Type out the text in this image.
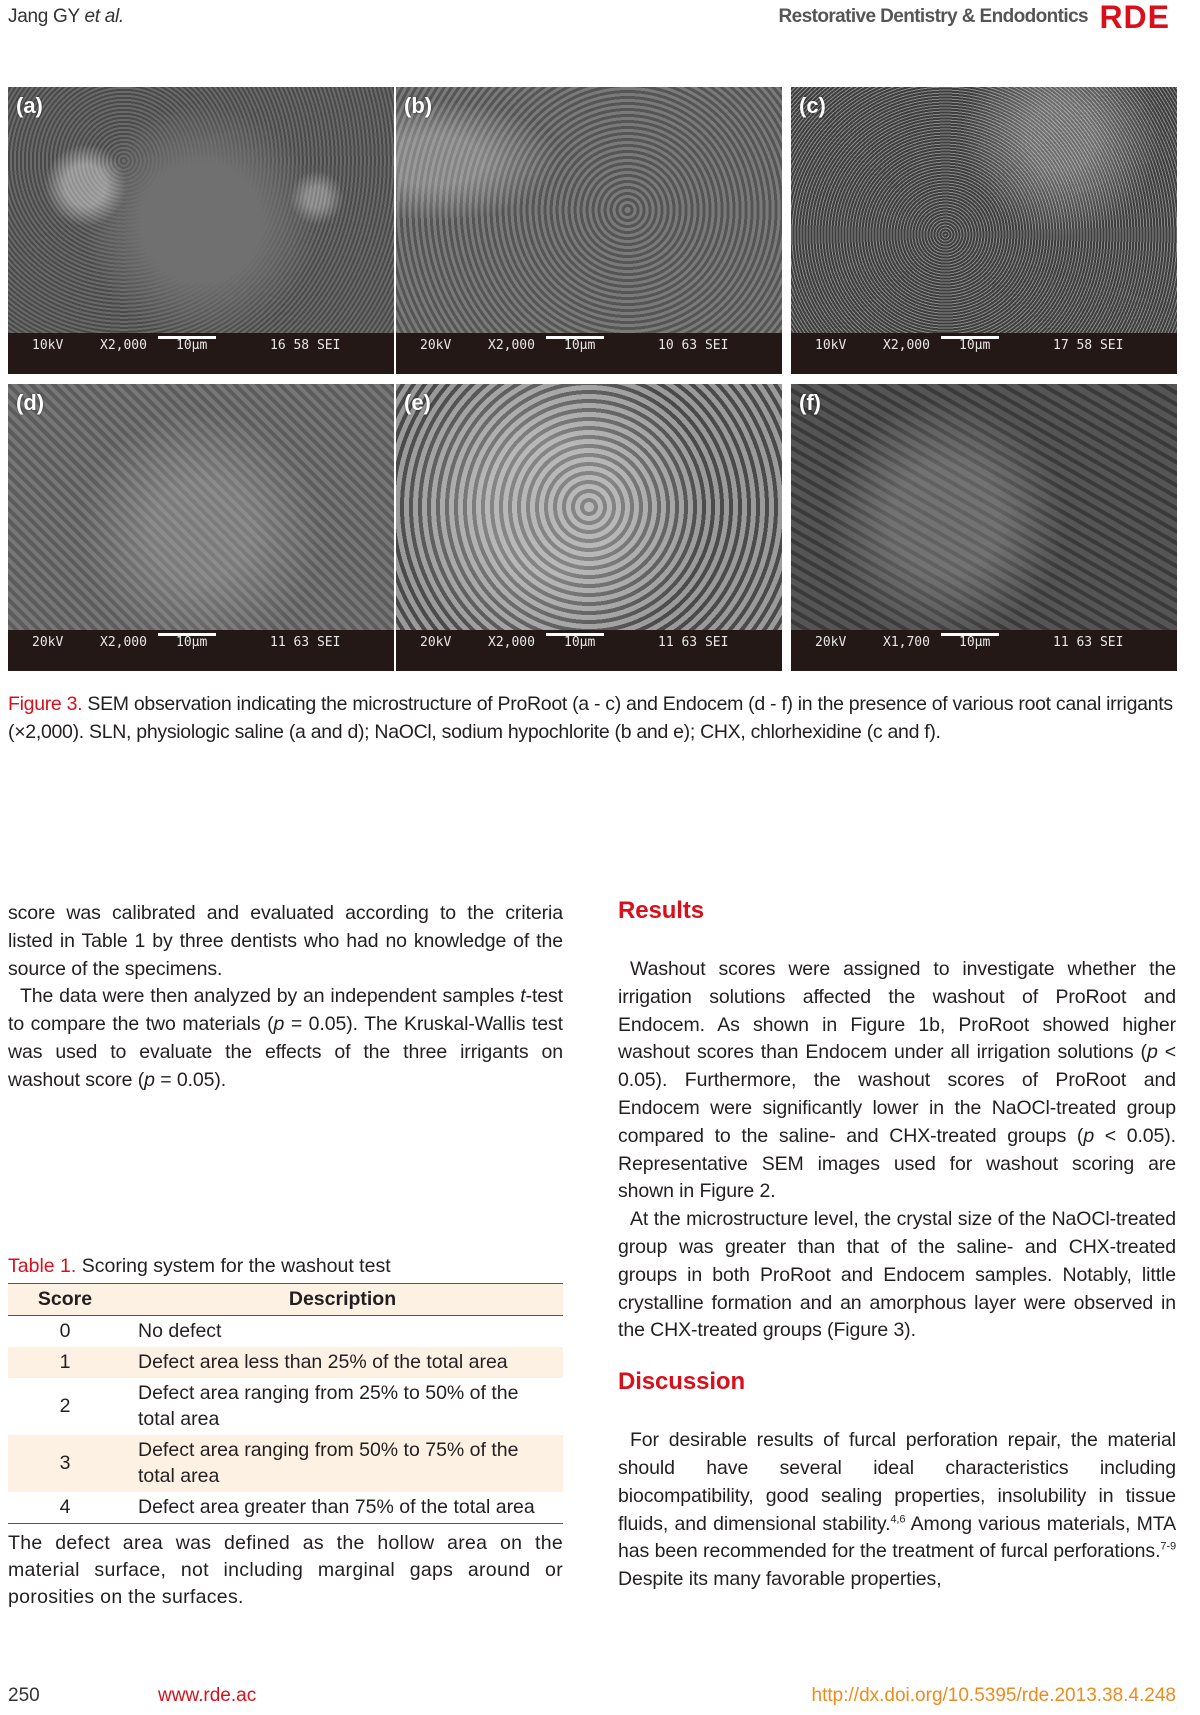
Jang GY et al.	Restorative Dentistry & Endodontics RDE
(a)
10kV	X2,000 10µm	16 58 SEI
(b)
20kV	X2,000 10µm	10 63 SEI
(c)
10kV	X2,000 10µm	17 58 SEI
(d)
20kV	X2,000 10µm	11 63 SEI
(e)
20kV	X2,000 10µm	11 63 SEI
(f)
20kV	X1,700 10µm	11 63 SEI
Figure 3. SEM observation indicating the microstructure of ProRoot (a - c) and Endocem (d - f) in the presence of various root canal irrigants (×2,000). SLN, physiologic saline (a and d); NaOCl, sodium hypochlorite (b and e); CHX, chlorhexidine (c and f).

score was calibrated and evaluated according to the criteria listed in Table 1 by three dentists who had no knowledge of the source of the specimens.

The data were then analyzed by an independent samples t-test to compare the two materials (p = 0.05). The Kruskal-Wallis test was used to evaluate the effects of the three irrigants on washout score (p = 0.05).

Table 1. Scoring system for the washout test
Score	Description
0	No defect
1	Defect area less than 25% of the total area
2	Defect area ranging from 25% to 50% of the total area
3	Defect area ranging from 50% to 75% of the total area
4	Defect area greater than 75% of the total area

The defect area was defined as the hollow area on the material surface, not including marginal gaps around or porosities on the surfaces.

Results

Washout scores were assigned to investigate whether the irrigation solutions affected the washout of ProRoot and Endocem. As shown in Figure 1b, ProRoot showed higher washout scores than Endocem under all irrigation solutions (p < 0.05). Furthermore, the washout scores of ProRoot and Endocem were significantly lower in the NaOCl-treated group compared to the saline- and CHX-treated groups (p < 0.05). Representative SEM images used for washout scoring are shown in Figure 2.

At the microstructure level, the crystal size of the NaOCl-treated group was greater than that of the saline- and CHX-treated groups in both ProRoot and Endocem samples. Notably, little crystalline formation and an amorphous layer were observed in the CHX-treated groups (Figure 3).

Discussion

For desirable results of furcal perforation repair, the material should have several ideal characteristics including biocompatibility, good sealing properties, insolubility in tissue fluids, and dimensional stability.$^{4,6}$ Among various materials, MTA has been recommended for the treatment of furcal perforations.$^{7-9}$ Despite its many favorable properties,

250	www.rde.ac	http://dx.doi.org/10.5395/rde.2013.38.4.248
